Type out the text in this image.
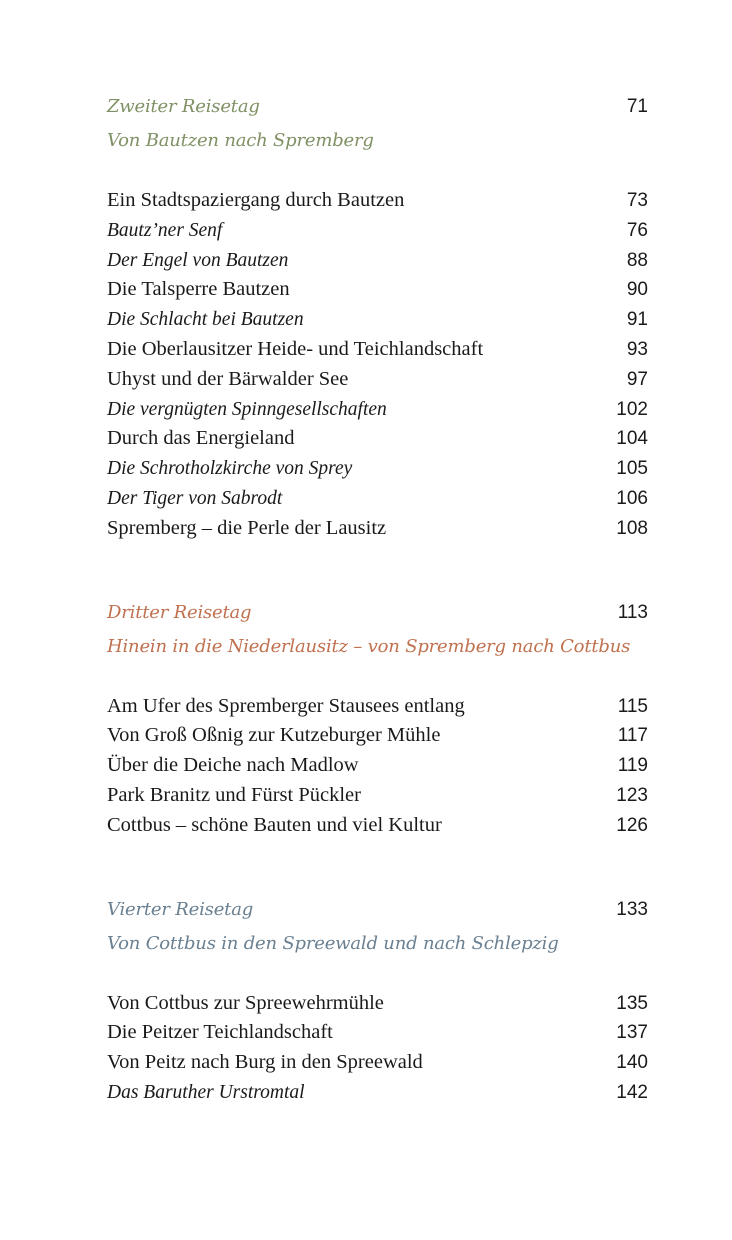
Zweiter Reisetag	71
Von Bautzen nach Spremberg
Ein Stadtspaziergang durch Bautzen	73
Bautz’ner Senf	76
Der Engel von Bautzen	88
Die Talsperre Bautzen	90
Die Schlacht bei Bautzen	91
Die Oberlausitzer Heide- und Teichlandschaft	93
Uhyst und der Bärwalder See	97
Die vergnügten Spinngesellschaften	102
Durch das Energieland	104
Die Schrotholzkirche von Sprey	105
Der Tiger von Sabrodt	106
Spremberg – die Perle der Lausitz	108
Dritter Reisetag	113
Hinein in die Niederlausitz – von Spremberg nach Cottbus
Am Ufer des Spremberger Stausees entlang	115
Von Groß Oßnig zur Kutzeburger Mühle	117
Über die Deiche nach Madlow	119
Park Branitz und Fürst Pückler	123
Cottbus – schöne Bauten und viel Kultur	126
Vierter Reisetag	133
Von Cottbus in den Spreewald und nach Schlepzig
Von Cottbus zur Spreewehrmühle	135
Die Peitzer Teichlandschaft	137
Von Peitz nach Burg in den Spreewald	140
Das Baruther Urstromtal	142
